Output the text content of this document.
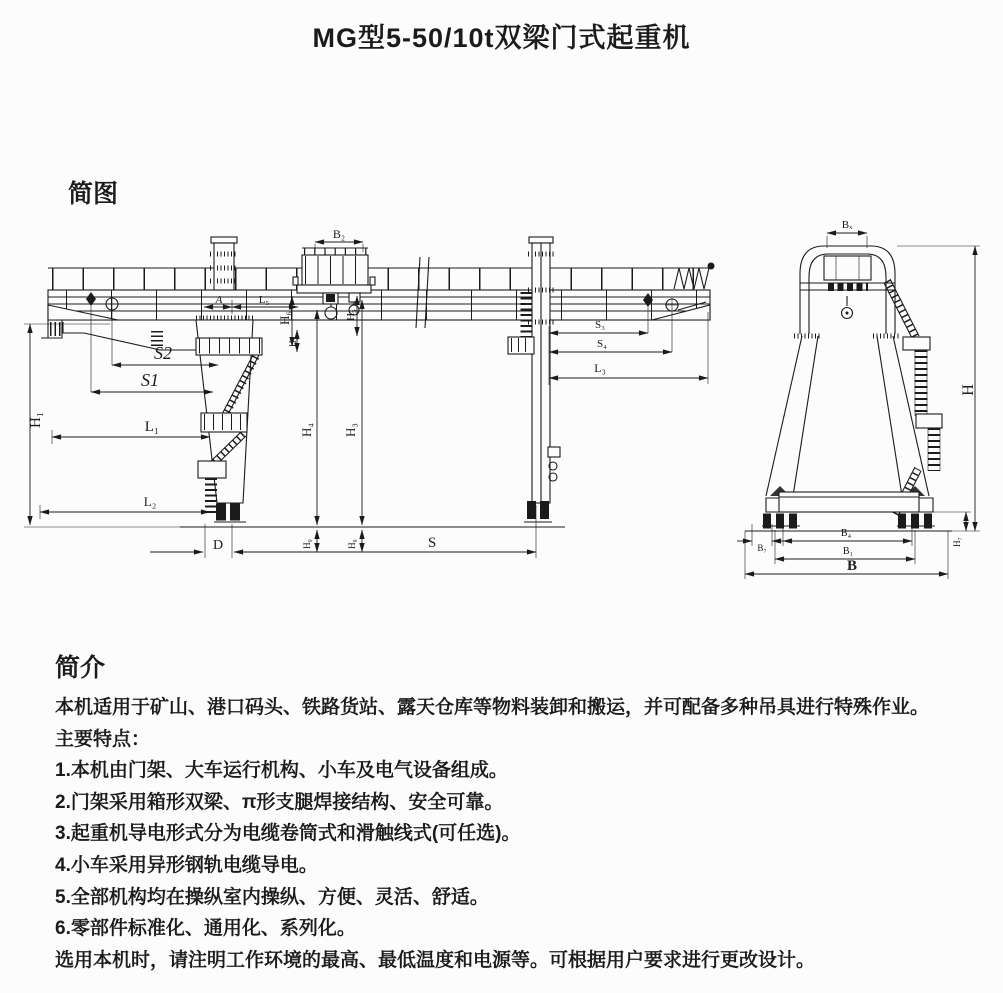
MG型5-50/10t双梁门式起重机
简图
B₂
H₁
S2
S1
L₁
L₂
A	L₅
H₆
H₂
H₅
H₄ H₃
H₉	H₈
D	S
S₃
S₄
L₃
Bₓ
H
H₇
B₄
B₇	B₁
B
简介

本机适用于矿山、港口码头、铁路货站、露天仓库等物料装卸和搬运，并可配备多种吊具进行特殊作业。

主要特点：

1.本机由门架、大车运行机构、小车及电气设备组成。

2.门架采用箱形双梁、π形支腿焊接结构、安全可靠。

3.起重机导电形式分为电缆卷筒式和滑触线式(可任选)。

4.小车采用异形钢轨电缆导电。

5.全部机构均在操纵室内操纵、方便、灵活、舒适。

6.零部件标准化、通用化、系列化。

选用本机时，请注明工作环境的最高、最低温度和电源等。可根据用户要求进行更改设计。
